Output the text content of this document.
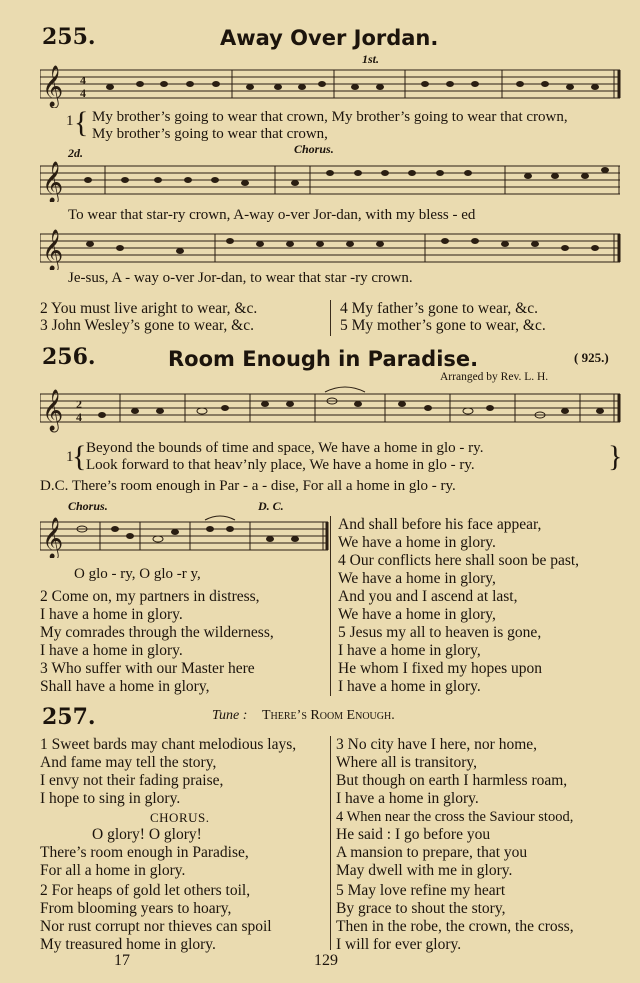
255.	Away Over Jordan.
1st.
𝄞 4
4
1 { My brother’s going to wear that crown, My brother’s going to wear that crown,
My brother’s going to wear that crown,
2d.	Chorus.
𝄞
To wear that star-ry crown, A-way o-ver Jor-dan, with my bless - ed
𝄞
Je-sus, A - way o-ver Jor-dan, to wear that star -ry crown.
2 You must live aright to wear, &c.
3 John Wesley’s gone to wear, &c.
4 My father’s gone to wear, &c.
5 My mother’s gone to wear, &c.
256.	Room Enough in Paradise.	( 925.)
Arranged by Rev. L. H.
𝄞 2
4
1
{ Beyond the bounds of time and space, We have a home in glo - ry.
Look forward to that heav’nly place, We have a home in glo - ry.	}
D.C. There’s room enough in Par - a - dise, For all a home in glo - ry.
Chorus.	D. C.
𝄞
O glo - ry, O glo -r y,
2 Come on, my partners in distress,
I have a home in glory.
My comrades through the wilderness,
I have a home in glory.
3 Who suffer with our Master here
Shall have a home in glory,
And shall before his face appear,
We have a home in glory.
4 Our conflicts here shall soon be past,
We have a home in glory,
And you and I ascend at last,
We have a home in glory,
5 Jesus my all to heaven is gone,
I have a home in glory,
He whom I fixed my hopes upon
I have a home in glory.
257.	Tune : There’s Room Enough.
1 Sweet bards may chant melodious lays,
And fame may tell the story,
I envy not their fading praise,
I hope to sing in glory.
CHORUS.
O glory! O glory!
There’s room enough in Paradise,
For all a home in glory.
2 For heaps of gold let others toil,
From blooming years to hoary,
Nor rust corrupt nor thieves can spoil
My treasured home in glory.
3 No city have I here, nor home,
Where all is transitory,
But though on earth I harmless roam,
I have a home in glory.
4 When near the cross the Saviour stood,
He said : I go before you
A mansion to prepare, that you
May dwell with me in glory.
5 May love refine my heart
By grace to shout the story,
Then in the robe, the crown, the cross,
I will for ever glory.
17	129
